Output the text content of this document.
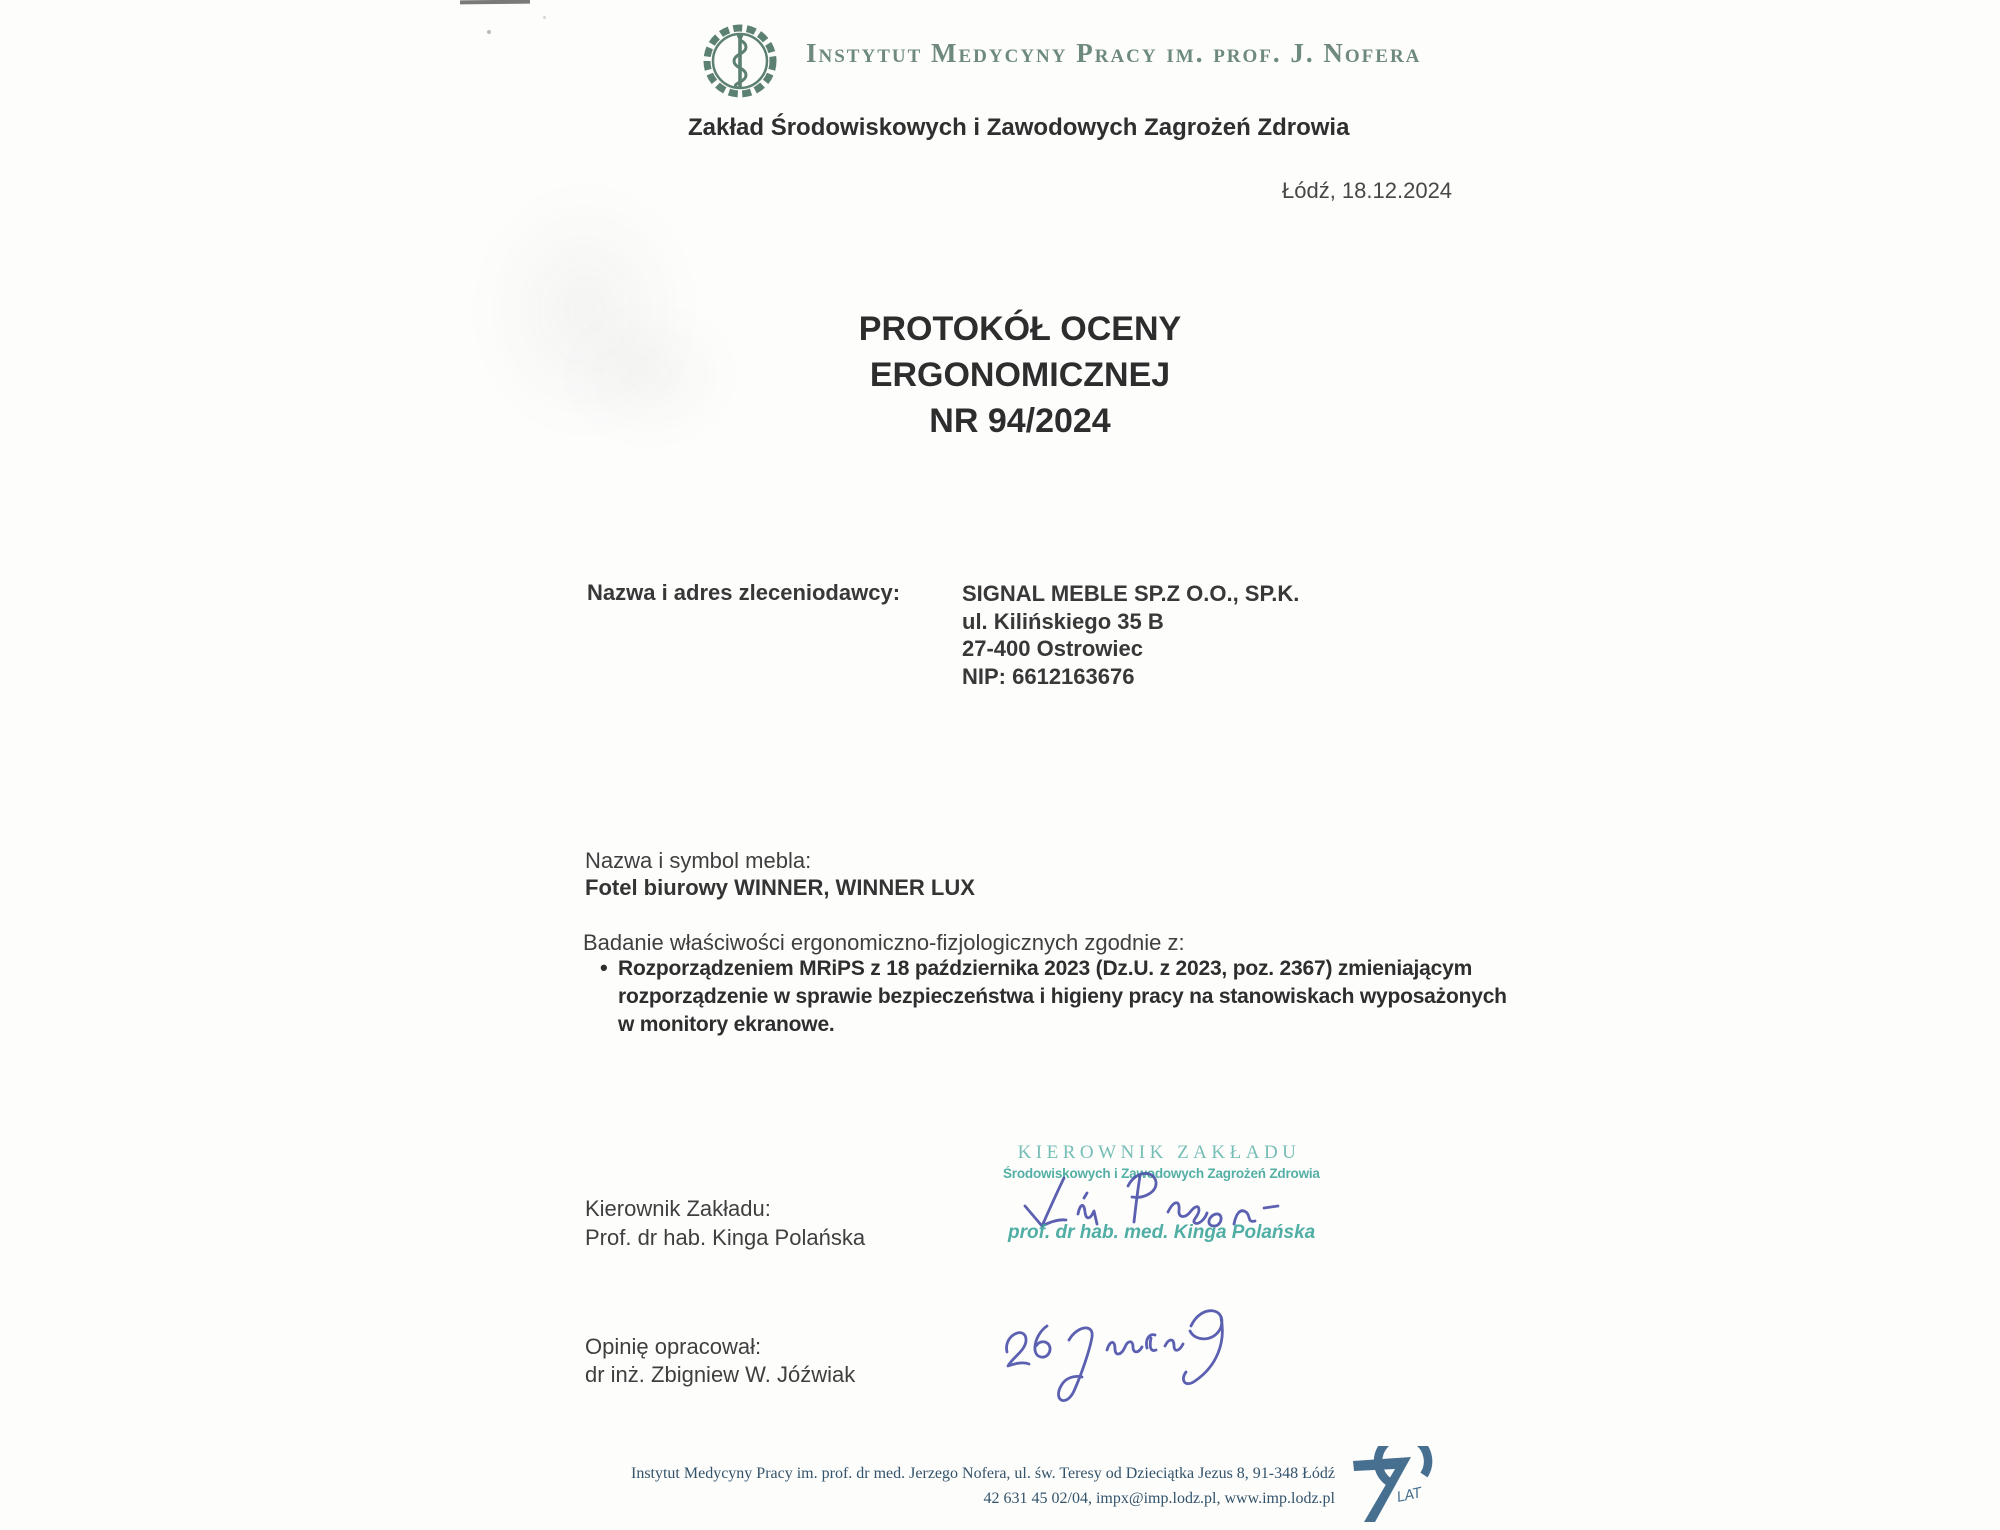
Instytut Medycyny Pracy im. prof. J. Nofera
Zakład Środowiskowych i Zawodowych Zagrożeń Zdrowia
Łódź, 18.12.2024
PROTOKÓŁ OCENY
ERGONOMICZNEJ
NR 94/2024
Nazwa i adres zleceniodawcy:	SIGNAL MEBLE SP.Z O.O., SP.K.
ul. Kilińskiego 35 B
27-400 Ostrowiec
NIP: 6612163676
Nazwa i symbol mebla:
Fotel biurowy WINNER, WINNER LUX
Badanie właściwości ergonomiczno-fizjologicznych zgodnie z:
• Rozporządzeniem MRiPS z 18 października 2023 (Dz.U. z 2023, poz. 2367) zmieniającym
rozporządzenie w sprawie bezpieczeństwa i higieny pracy na stanowiskach wyposażonych
w monitory ekranowe.
KIEROWNIK ZAKŁADU
Środowiskowych i Zawodowych Zagrożeń Zdrowia
prof. dr hab. med. Kinga Polańska
Kierownik Zakładu:
Prof. dr hab. Kinga Polańska
Opinię opracował:
dr inż. Zbigniew W. Jóźwiak
Instytut Medycyny Pracy im. prof. dr med. Jerzego Nofera, ul. św. Teresy od Dzieciątka Jezus 8, 91-348 Łódź
42 631 45 02/04, impx@imp.lodz.pl, www.imp.lodz.pl	LAT
